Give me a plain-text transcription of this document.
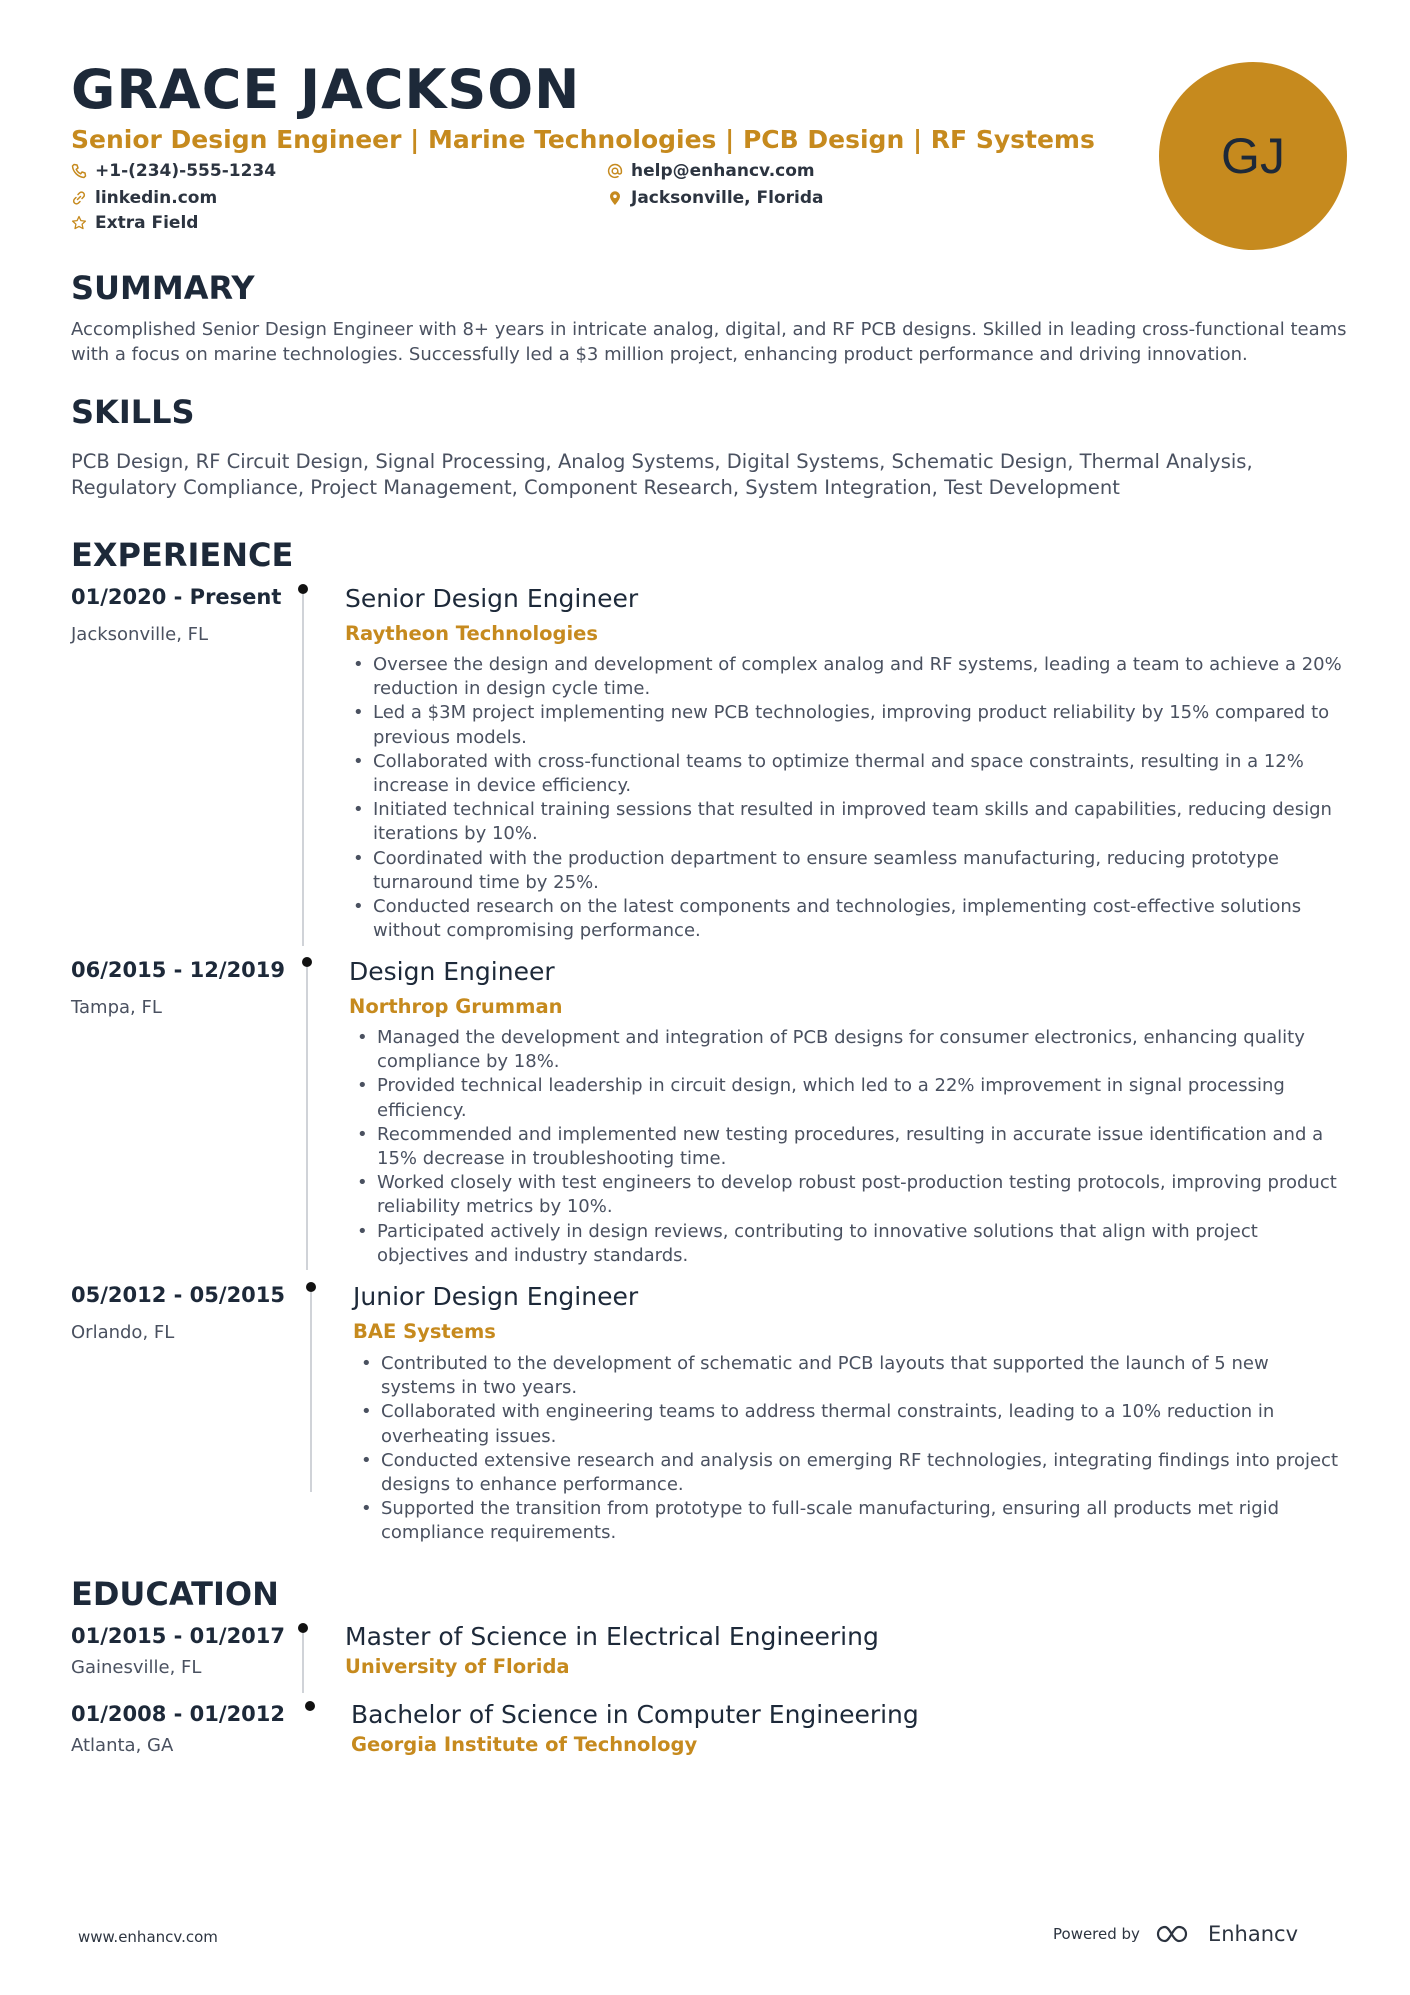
GRACE JACKSON
Senior Design Engineer | Marine Technologies | PCB Design | RF Systems
+1-(234)-555-1234	help@enhancv.com
linkedin.com	Jacksonville, Florida
Extra Field
GJ
SUMMARY
Accomplished Senior Design Engineer with 8+ years in intricate analog, digital, and RF PCB designs. Skilled in leading cross-functional teams with a focus on marine technologies. Successfully led a $3 million project, enhancing product performance and driving innovation.
SKILLS
PCB Design, RF Circuit Design, Signal Processing, Analog Systems, Digital Systems, Schematic Design, Thermal Analysis, Regulatory Compliance, Project Management, Component Research, System Integration, Test Development
EXPERIENCE
01/2020 - Present
Jacksonville, FL
Senior Design Engineer
Raytheon Technologies
• Oversee the design and development of complex analog and RF systems, leading a team to achieve a 20% reduction in design cycle time.
• Led a $3M project implementing new PCB technologies, improving product reliability by 15% compared to previous models.
• Collaborated with cross-functional teams to optimize thermal and space constraints, resulting in a 12% increase in device efficiency.
• Initiated technical training sessions that resulted in improved team skills and capabilities, reducing design iterations by 10%.
• Coordinated with the production department to ensure seamless manufacturing, reducing prototype turnaround time by 25%.
• Conducted research on the latest components and technologies, implementing cost-effective solutions without compromising performance.
06/2015 - 12/2019
Tampa, FL
Design Engineer
Northrop Grumman
• Managed the development and integration of PCB designs for consumer electronics, enhancing quality compliance by 18%.
• Provided technical leadership in circuit design, which led to a 22% improvement in signal processing efficiency.
• Recommended and implemented new testing procedures, resulting in accurate issue identification and a 15% decrease in troubleshooting time.
• Worked closely with test engineers to develop robust post-production testing protocols, improving product reliability metrics by 10%.
• Participated actively in design reviews, contributing to innovative solutions that align with project objectives and industry standards.
05/2012 - 05/2015
Orlando, FL
Junior Design Engineer
BAE Systems
• Contributed to the development of schematic and PCB layouts that supported the launch of 5 new systems in two years.
• Collaborated with engineering teams to address thermal constraints, leading to a 10% reduction in overheating issues.
• Conducted extensive research and analysis on emerging RF technologies, integrating findings into project designs to enhance performance.
• Supported the transition from prototype to full-scale manufacturing, ensuring all products met rigid compliance requirements.
EDUCATION
01/2015 - 01/2017
Gainesville, FL
Master of Science in Electrical Engineering
University of Florida
01/2008 - 01/2012
Atlanta, GA
Bachelor of Science in Computer Engineering
Georgia Institute of Technology
www.enhancv.com	Powered by	Enhancv
